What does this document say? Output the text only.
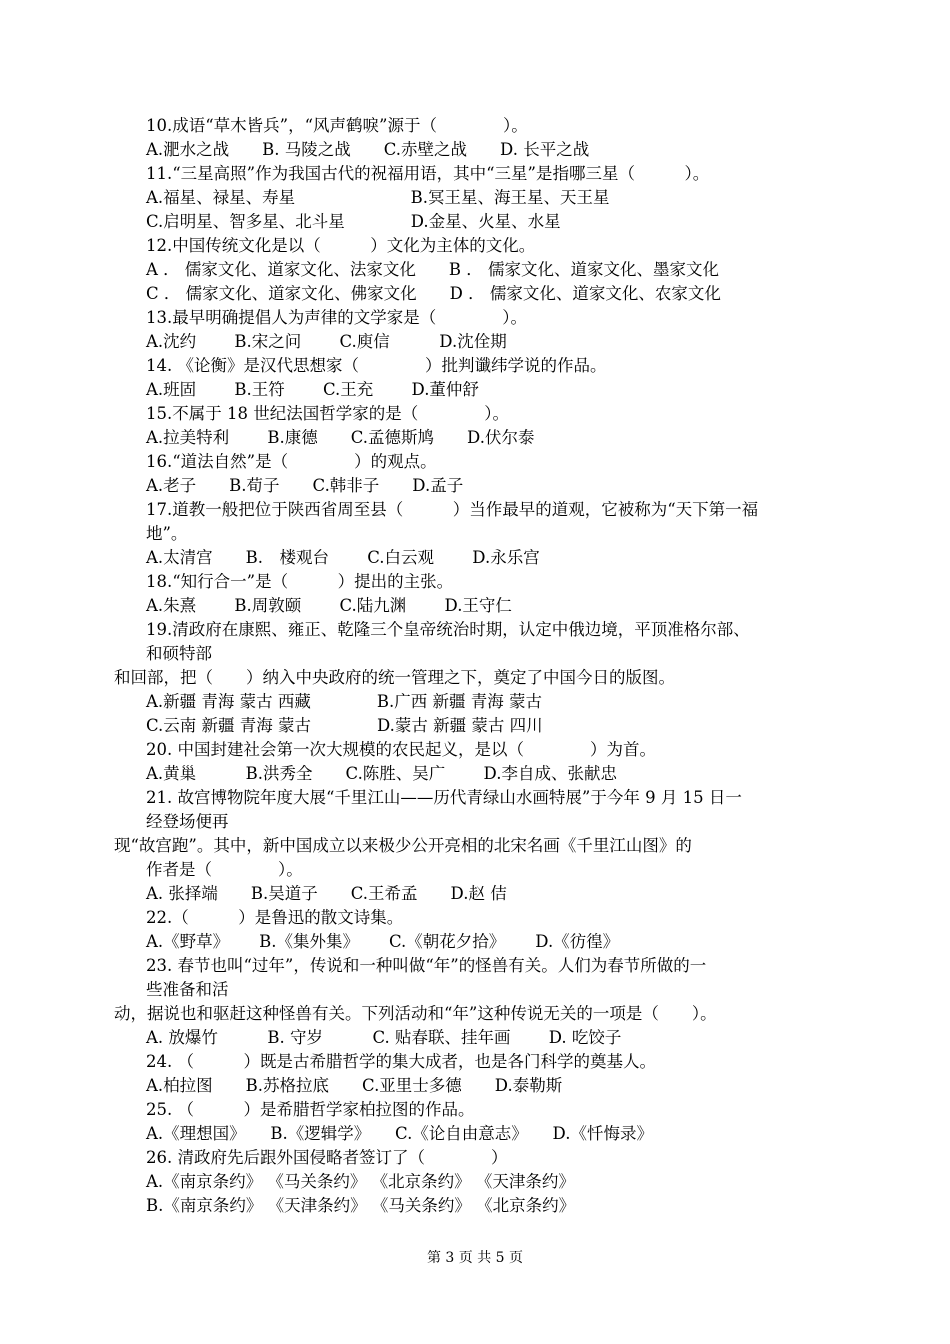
10.成语“草木皆兵”，“风声鹤唳”源于（　　　　）。
A.淝水之战　　B. 马陵之战　　C.赤壁之战　　D. 长平之战
11.“三星高照”作为我国古代的祝福用语，其中“三星”是指哪三星（　　　）。
A.福星、禄星、寿星　　　　　　　B.冥王星、海王星、天王星
C.启明星、智多星、北斗星　　　　D.金星、火星、水星
12.中国传统文化是以（　　　）文化为主体的文化。
A ． 儒家文化、道家文化、法家文化　　B ． 儒家文化、道家文化、墨家文化
C ． 儒家文化、道家文化、佛家文化　　D ． 儒家文化、道家文化、农家文化
13.最早明确提倡人为声律的文学家是（　　　　）。
A.沈约　　 B.宋之问　　 C.庾信　　　D.沈佺期
14. 《论衡》是汉代思想家（　　　　）批判谶纬学说的作品。
A.班固　　 B.王符　　 C.王充　　 D.董仲舒
15.不属于 18 世纪法国哲学家的是（　　　　）。
A.拉美特利　　 B.康德　　C.孟德斯鸠　　D.伏尔泰
16.“道法自然”是（　　　　）的观点。
A.老子　　B.荀子　　C.韩非子　　D.孟子
17.道教一般把位于陕西省周至县（　　　）当作最早的道观，它被称为“天下第一福
地”。
A.太清宫　　B.　楼观台　　 C.白云观　　 D.永乐宫
18.“知行合一”是（　　　）提出的主张。
A.朱熹　　 B.周敦颐　　 C.陆九渊　　 D.王守仁
19.清政府在康熙、雍正、乾隆三个皇帝统治时期，认定中俄边境，平顶准格尔部、
和硕特部
和回部，把（　　）纳入中央政府的统一管理之下，奠定了中国今日的版图。
A.新疆 青海 蒙古 西藏　　　　B.广西 新疆 青海 蒙古
C.云南 新疆 青海 蒙古　　　　D.蒙古 新疆 蒙古 四川
20. 中国封建社会第一次大规模的农民起义，是以（　　　　）为首。
A.黄巢　　　B.洪秀全　　C.陈胜、吴广　　 D.李自成、张献忠
21. 故宫博物院年度大展“千里江山——历代青绿山水画特展”于今年 9 月 15 日一
经登场便再
现“故宫跑”。其中，新中国成立以来极少公开亮相的北宋名画《千里江山图》的
作者是（　　　　）。
A. 张择端　　B.吴道子　　C.王希孟　　D.赵 佶
22.（　　　）是鲁迅的散文诗集。
A.《野草》　　 B.《集外集》　　 C.《朝花夕拾》　　 D.《彷徨》
23. 春节也叫“过年”，传说和一种叫做“年”的怪兽有关。人们为春节所做的一
些准备和活
动，据说也和驱赶这种怪兽有关。下列活动和“年”这种传说无关的一项是（　　）。
A. 放爆竹　　　B. 守岁　　　C. 贴春联、挂年画　　 D. 吃饺子
24. （　　　）既是古希腊哲学的集大成者，也是各门科学的奠基人。
A.柏拉图　　B.苏格拉底　　C.亚里士多德　　D.泰勒斯
25. （　　　）是希腊哲学家柏拉图的作品。
A.《理想国》　　B.《逻辑学》　　C.《论自由意志》　　D.《忏悔录》
26. 清政府先后跟外国侵略者签订了（　　　　）
A.《南京条约》 《马关条约》 《北京条约》 《天津条约》
B.《南京条约》 《天津条约》 《马关条约》 《北京条约》
第 3 页 共 5 页
